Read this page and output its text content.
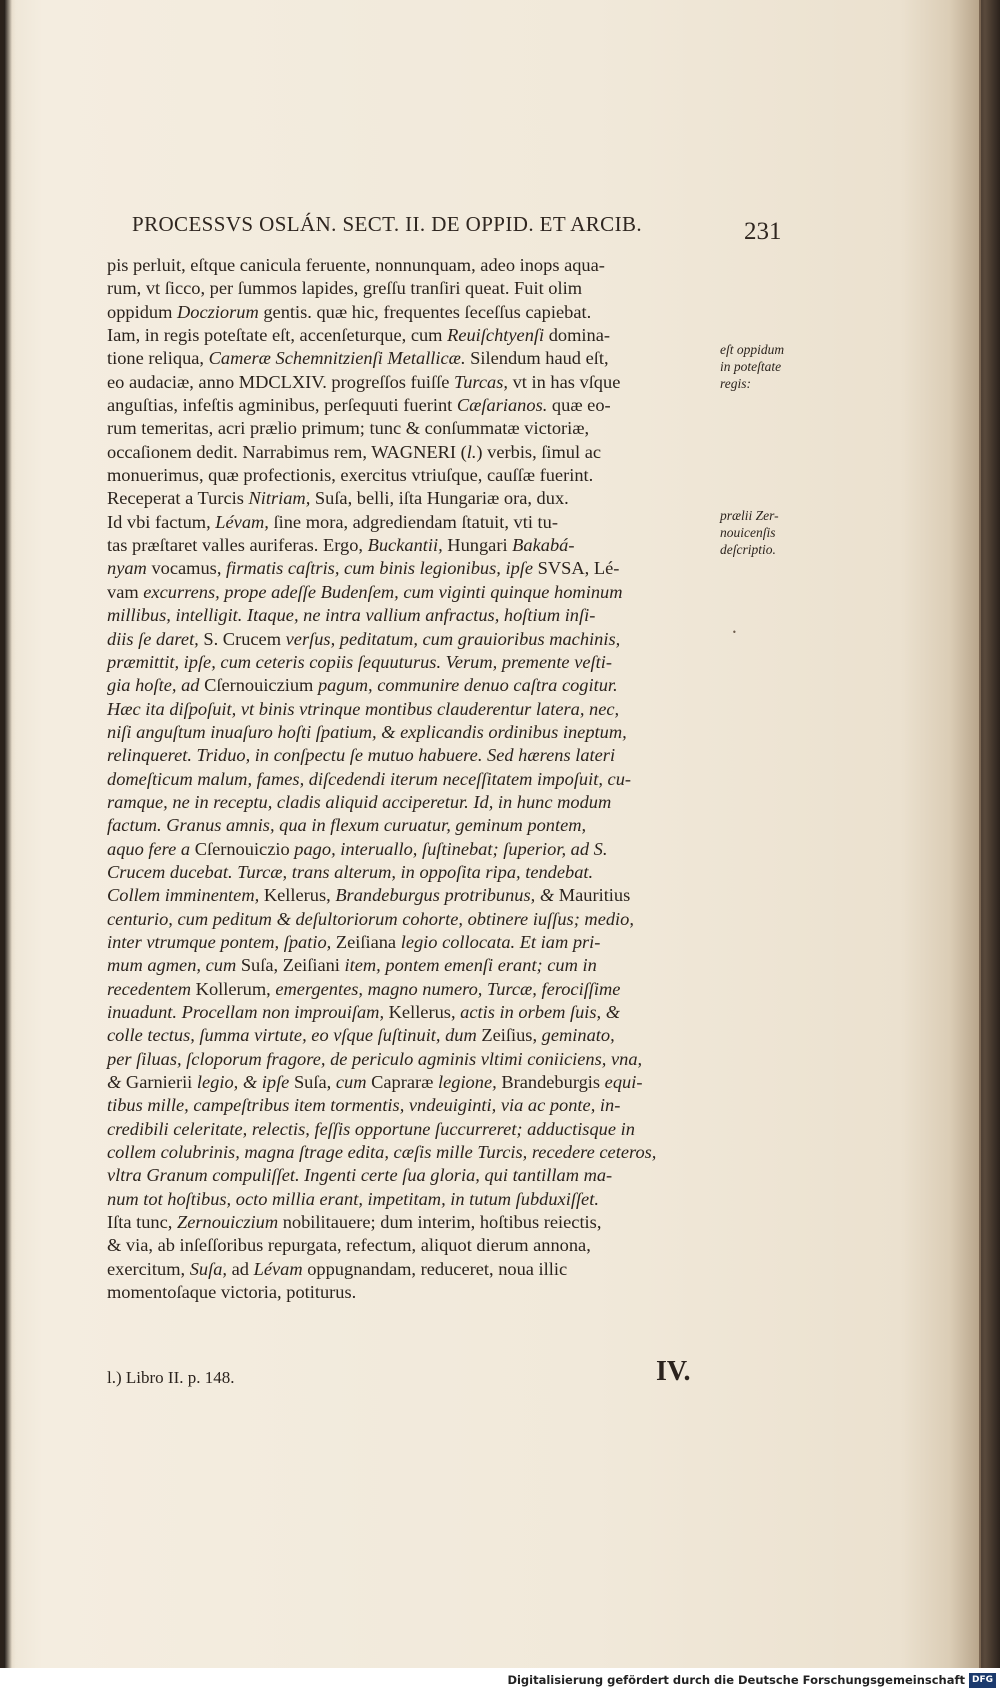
PROCESSVS OSLÁN. SECT. II. DE OPPID. ET ARCIB.	231
pis perluit, eſtque canicula feruente, nonnunquam, adeo inops aqua-
rum, vt ſicco, per ſummos lapides, greſſu tranſiri queat. Fuit olim
oppidum Docziorum gentis. quæ hic, frequentes ſeceſſus capiebat.
Iam, in regis poteſtate eſt, accenſeturque, cum Reuiſchtyenſi domina-
tione reliqua, Cameræ Schemnitzienſi Metallicæ. Silendum haud eſt,
eo audaciæ, anno MDCLXIV. progreſſos fuiſſe Turcas, vt in has vſque
anguſtias, infeſtis agminibus, perſequuti fuerint Cæſarianos. quæ eo-
rum temeritas, acri prælio primum; tunc & conſummatæ victoriæ,
occaſionem dedit. Narrabimus rem, WAGNERI (l.) verbis, ſimul ac
monuerimus, quæ profectionis, exercitus vtriuſque, cauſſæ fuerint.
Receperat a Turcis Nitriam, Suſa, belli, iſta Hungariæ ora, dux.
Id vbi factum, Lévam, ſine mora, adgrediendam ſtatuit, vti tu-
tas præſtaret valles auriferas. Ergo, Buckantii, Hungari Bakabá-
nyam vocamus, firmatis caſtris, cum binis legionibus, ipſe SVSA, Lé-
vam excurrens, prope adeſſe Budenſem, cum viginti quinque hominum
millibus, intelligit. Itaque, ne intra vallium anfractus, hoſtium inſi-
diis ſe daret, S. Crucem verſus, peditatum, cum grauioribus machinis,
præmittit, ipſe, cum ceteris copiis ſequuturus. Verum, premente veſti-
gia hoſte, ad Cſernouiczium pagum, communire denuo caſtra cogitur.
Hæc ita diſpoſuit, vt binis vtrinque montibus clauderentur latera, nec,
niſi anguſtum inuaſuro hoſti ſpatium, & explicandis ordinibus ineptum,
relinqueret. Triduo, in conſpectu ſe mutuo habuere. Sed hærens lateri
domeſticum malum, fames, diſcedendi iterum neceſſitatem impoſuit, cu-
ramque, ne in receptu, cladis aliquid acciperetur. Id, in hunc modum
factum. Granus amnis, qua in flexum curuatur, geminum pontem,
aquo fere a Cſernouiczio pago, interuallo, ſuſtinebat; ſuperior, ad S.
Crucem ducebat. Turcæ, trans alterum, in oppoſita ripa, tendebat.
Collem imminentem, Kellerus, Brandeburgus protribunus, & Mauritius
centurio, cum peditum & deſultoriorum cohorte, obtinere iuſſus; medio,
inter vtrumque pontem, ſpatio, Zeiſiana legio collocata. Et iam pri-
mum agmen, cum Suſa, Zeiſiani item, pontem emenſi erant; cum in
recedentem Kollerum, emergentes, magno numero, Turcæ, ferociſſime
inuadunt. Procellam non improuiſam, Kellerus, actis in orbem ſuis, &
colle tectus, ſumma virtute, eo vſque ſuſtinuit, dum Zeiſius, geminato,
per ſiluas, ſcloporum fragore, de periculo agminis vltimi coniiciens, vna,
& Garnierii legio, & ipſe Suſa, cum Capraræ legione, Brandeburgis equi-
tibus mille, campeſtribus item tormentis, vndeuiginti, via ac ponte, in-
credibili celeritate, relectis, feſſis opportune ſuccurreret; adductisque in
collem colubrinis, magna ſtrage edita, cæſis mille Turcis, recedere ceteros,
vltra Granum compuliſſet. Ingenti certe ſua gloria, qui tantillam ma-
num tot hoſtibus, octo millia erant, impetitam, in tutum ſubduxiſſet.
Iſta tunc, Zernouiczium nobilitauere; dum interim, hoſtibus reiectis,
& via, ab inſeſſoribus repurgata, refectum, aliquot dierum annona,
exercitum, Suſa, ad Lévam oppugnandam, reduceret, noua illic
momentoſaque victoria, potiturus.
eſt oppidum
in poteſtate
regis:
prælii Zer-
nouicenſis
deſcriptio.
•
l.) Libro II. p. 148.	IV.
Digitalisierung gefördert durch die Deutsche Forschungsgemeinschaft DFG
